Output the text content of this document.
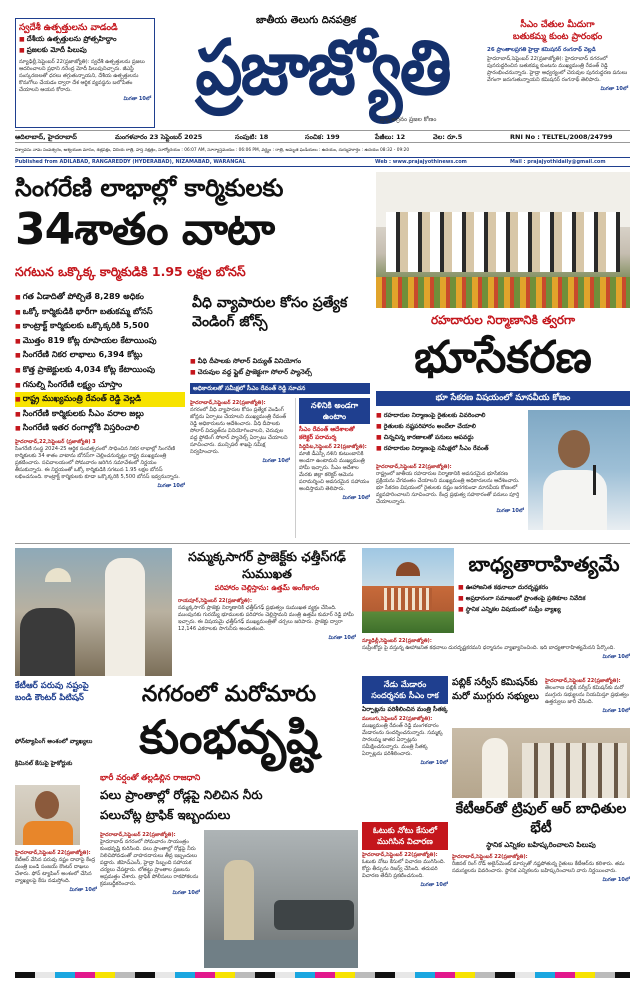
స్వదేశీ ఉత్పత్తులను వాడండి
■ దేశీయ ఉత్పత్తులను ప్రోత్సహిద్దాం
■ ప్రజలకు మోదీ పిలుపు
న్యూఢిల్లీ,సెప్టెంబర్ 22(ప్రజాజ్యోతి): స్వదేశీ ఉత్పత్తులను ప్రజలు ఆదరించాలని ప్రధాని నరేంద్ర మోదీ పిలుపునిచ్చారు. జీఎస్టీ సంస్కరణలతో ధరలు తగ్గుతున్నాయని, దేశీయ ఉత్పత్తులను కొనుగోలు చేయడం ద్వారా దేశ ఆర్థిక వ్యవస్థను బలోపేతం చేయాలని ఆయన కోరారు.
మిగతా 10లో
జాతీయ తెలుగు దినపత్రిక
ప్రజాజ్యోతి
ప్రశ్న అగ్రనం ప్రజల కోణం
సీఎం చేతుల మీదుగా
బతుకమ్మ కుంట ప్రారంభం
26 ప్రాంతాలప్రగతి హైడ్రా కమిషనర్ రంగనాథ్ వెల్లడి
హైదరాబాద్,సెప్టెంబర్ 22(ప్రజాజ్యోతి): హైదరాబాద్ నగరంలో పునరుద్ధరించిన బతుకమ్మ కుంటను ముఖ్యమంత్రి రేవంత్ రెడ్డి ప్రారంభించనున్నారు. హైడ్రా ఆధ్వర్యంలో చెరువుల పునరుద్ధరణ పనులు వేగంగా జరుగుతున్నాయని కమిషనర్ రంగనాథ్ తెలిపారు.
మిగతా 10లో
ఆదిలాబాద్, హైదరాబాద్	మంగళవారం 23 సెప్టెంబర్ 2025	సంపుటి: 18	సంచిక: 199	పేజీలు: 12	వెల: రూ.5	RNI No : TELTEL/2008/24799
విశ్వావసు నామ సంవత్సరం, ఆశ్వయుజ మాసం, శుక్లపక్షం, విదియ రాత్రి, హస్త నక్షత్రం, సూర్యోదయం : 06:07 AM, సూర్యాస్తమయం : 06:06 PM, వర్జ్యం : రాత్రి, అమృత ఘడియలు : ఉదయం, దుర్ముహూర్తం : ఉదయం 08:32 - 09:20
Published from ADILABAD, RANGAREDDY (HYDERABAD), NIZAMABAD, WARANGAL	Web : www.prajajyothinews.com	Mail : prajajyothidaily@gmail.com
సింగరేణి లాభాల్లో కార్మికులకు
34శాతం వాటా
సగటున ఒక్కొక్క కార్మికుడికి 1.95 లక్షల బోనస్
■ గత ఏడాదితో పోల్చితే 8,289 అధికం
■ ఒక్కో కార్మికుడికి భారీగా బతుకమ్మ బోనస్
■ కాంట్రాక్ట్ కార్మికులకు ఒక్కొక్కరికి 5,500
■ మొత్తం 819 కోట్ల రూపాయల కేటాయింపు
■ సింగరేణి నికర లాభాలు 6,394 కోట్లు
■ కొత్త ప్రాజెక్టులకు 4,034 కోట్ల కేటాయింపు
■ గనుల్ని సింగరేణి లక్ష్యం చూస్తాం
■ రాష్ట్ర ముఖ్యమంత్రి రేవంత్ రెడ్డి వెల్లడి
■ సింగరేణి కార్మికులకు సీఎం వరాల జల్లు
■ సింగరేణి ఇతర రంగాల్లోకి విస్తరించాలి
హైదరాబాద్,22,సెప్టెంబర్ (ప్రజాజ్యోతి) 3
సింగరేణి సంస్థ 2024-25 ఆర్థిక సంవత్సరంలో సాధించిన నికర లాభాల్లో సింగరేణి కార్మికులకు 34 శాతం వాటాను బోనస్‌గా చెల్లించనున్నట్లు రాష్ట్ర ముఖ్యమంత్రి ప్రకటించారు. సచివాలయంలో సోమవారం జరిగిన సమావేశంలో నిర్ణయం తీసుకున్నారు. ఈ నిర్ణయంతో ఒక్కో కార్మికుడికి సగటున 1.95 లక్షల బోనస్ లభించనుంది. కాంట్రాక్ట్ కార్మికులకు కూడా ఒక్కొక్కరికి 5,500 బోనస్ ఇవ్వనున్నారు.
మిగతా 10లో
వీధి వ్యాపారుల కోసం ప్రత్యేక వెండింగ్ జోన్స్
■ వీధి దీపాలకు సోలార్ విద్యుత్ వినియోగం
■ చెరువుల వద్ద ఫ్లైట్ ప్రాజెక్టుగా సోలార్ ప్యానెల్స్
అధికారులతో సమీక్షలో సీఎం రేవంత్ రెడ్డి సూచన
హైదరాబాద్,సెప్టెంబర్ 22(ప్రజాజ్యోతి):
నగరంలో వీధి వ్యాపారుల కోసం ప్రత్యేక వెండింగ్ జోన్లను ఏర్పాటు చేయాలని ముఖ్యమంత్రి రేవంత్ రెడ్డి అధికారులను ఆదేశించారు. వీధి దీపాలకు సోలార్ విద్యుత్‌ను వినియోగించాలని, చెరువుల వద్ద ఫ్లోటింగ్ సోలార్ ప్యానెల్స్ ఏర్పాటు చేయాలని సూచించారు. మున్సిపల్ శాఖపై సమీక్ష నిర్వహించారు.
మిగతా 10లో
నళినికి అండగా ఉంటాం
సీఎం రేవంత్ ఆదేశాలతో కలెక్టర్ పరామర్శ
సిద్దిపేట,సెప్టెంబర్ 22(ప్రజాజ్యోతి):
మాజీ డీఎస్పీ నళిని కుటుంబానికి అండగా ఉంటామని ముఖ్యమంత్రి హామీ ఇచ్చారు. సీఎం ఆదేశాల మేరకు జిల్లా కలెక్టర్ ఆమెను పరామర్శించి అవసరమైన సహాయం అందిస్తామని తెలిపారు.
మిగతా 10లో
రహదారుల నిర్మాణానికి త్వరగా
భూసేకరణ
భూ సేకరణ విషయంలో మానవీయ కోణం
■ రహదారుల నిర్మాణంపై రైతులకు వివరించాలి
■ రైతులకు నష్టపరిహారం అందేలా చేయాలి
■ చిన్నచిన్న కారణాలతో పనులు ఆపవద్దు
■ రహదారుల నిర్మాణంపై సమీక్షలో సీఎం రేవంత్
హైదరాబాద్,సెప్టెంబర్ 22(ప్రజాజ్యోతి):
రాష్ట్రంలో జాతీయ రహదారుల నిర్మాణానికి అవసరమైన భూసేకరణ ప్రక్రియను వేగవంతం చేయాలని ముఖ్యమంత్రి అధికారులను ఆదేశించారు. భూ సేకరణ విషయంలో రైతులకు నష్టం జరగకుండా మానవీయ కోణంలో వ్యవహరించాలని సూచించారు. కేంద్ర ప్రభుత్వ సహకారంతో పనులు పూర్తి చేయాలన్నారు.
మిగతా 10లో
సమ్మక్కసాగర్ ప్రాజెక్ట్‌కు ఛత్తీస్‌గఢ్ సుముఖత
పరిహారం చెల్లిస్తాను: ఉత్తమ్ అంగీకారం
రాయపూర్,సెప్టెంబర్ 22(ప్రజాజ్యోతి):
సమ్మక్కసాగర్ ప్రాజెక్టు నిర్మాణానికి ఛత్తీస్‌గఢ్ ప్రభుత్వం సుముఖత వ్యక్తం చేసింది. ముంపునకు గురయ్యే భూములకు పరిహారం చెల్లిస్తామని మంత్రి ఉత్తమ్ కుమార్ రెడ్డి హామీ ఇచ్చారు. ఈ విషయమై ఛత్తీస్‌గఢ్ ముఖ్యమంత్రితో చర్చలు జరిపారు. ప్రాజెక్టు ద్వారా 12,146 ఎకరాలకు సాగునీరు అందుతుంది.
మిగతా 10లో
బాధ్యతారాహిత్యమే
■ ఊహాజనిత కథనాలూ దురదృష్టకరం
■ అప్రధానంగా సమాజంలో ప్రాంతంపై ప్రతికూల నివేదిక
■ స్థానిక ఎన్నికల విషయంలో సుప్రీం వ్యాఖ్య
న్యూఢిల్లీ,సెప్టెంబర్ 22(ప్రజాజ్యోతి):
సుప్రీంకోర్టు పై వస్తున్న ఊహాజనిత కథనాలు దురదృష్టకరమని ధర్మాసనం వ్యాఖ్యానించింది. ఇది బాధ్యతారాహిత్యమేనని పేర్కొంది.
మిగతా 10లో
కేటీఆర్ పరువు నష్టంపై బండి కౌంటర్ పిటిషన్
ఫోన్‌ట్యాపింగ్ అంశంలో వ్యాఖ్యలు
క్రిమినల్ కేసుపై హైకోర్టుకు
హైదరాబాద్,సెప్టెంబర్ 22(ప్రజాజ్యోతి):
కేటీఆర్ వేసిన పరువు నష్టం దావాపై కేంద్ర మంత్రి బండి సంజయ్ కౌంటర్ దాఖలు చేశారు. ఫోన్ ట్యాపింగ్ అంశంలో చేసిన వ్యాఖ్యలపై కేసు నడుస్తోంది.
మిగతా 10లో
నగరంలో మరోమారు
కుంభవృష్టి
భారీ వర్షంతో తల్లడిల్లిన రాజధాని
పలు ప్రాంతాల్లో రోడ్లపై నిలిచిన నీరు
పలుచోట్ల ట్రాఫిక్ ఇబ్బందులు
హైదరాబాద్,సెప్టెంబర్ 22(ప్రజాజ్యోతి):
హైదరాబాద్ నగరంలో సోమవారం సాయంత్రం కుంభవృష్టి కురిసింది. పలు ప్రాంతాల్లో రోడ్లపై నీరు నిలిచిపోవడంతో వాహనదారులు తీవ్ర ఇబ్బందులు పడ్డారు. జీహెచ్ఎంసీ, హైడ్రా సిబ్బంది సహాయక చర్యలు చేపట్టారు. లోతట్టు ప్రాంతాల ప్రజలను అప్రమత్తం చేశారు. ట్రాఫిక్ పోలీసులు రాకపోకలను క్రమబద్ధీకరించారు.
మిగతా 10లో
నేడు మేడారం సందర్శనకు సీఎం రాక
ఏర్పాట్లను పరిశీలించిన మంత్రి సీతక్క
ములుగు,సెప్టెంబర్ 22(ప్రజాజ్యోతి):
ముఖ్యమంత్రి రేవంత్ రెడ్డి మంగళవారం మేడారంను సందర్శించనున్నారు. సమ్మక్క సారలమ్మ జాతర ఏర్పాట్లను సమీక్షించనున్నారు. మంత్రి సీతక్క ఏర్పాట్లను పరిశీలించారు.
మిగతా 10లో
ఓటుకు నోటు కేసులో ముగిసిన విచారణ
హైదరాబాద్,సెప్టెంబర్ 22(ప్రజాజ్యోతి):
ఓటుకు నోటు కేసులో విచారణ ముగిసింది. కోర్టు తీర్పును రిజర్వ్ చేసింది. తదుపరి విచారణ తేదీని ప్రకటించనుంది.
మిగతా 10లో
పబ్లిక్ సర్వీస్ కమిషన్‌కు మరో ముగ్గురు సభ్యులు
హైదరాబాద్,సెప్టెంబర్ 22(ప్రజాజ్యోతి):
తెలంగాణ పబ్లిక్ సర్వీస్ కమిషన్‌కు మరో ముగ్గురు సభ్యులను నియమిస్తూ ప్రభుత్వం ఉత్తర్వులు జారీ చేసింది.
మిగతా 10లో
కేటీఆర్‌తో ట్రిపుల్ ఆర్ బాధితుల భేటీ
స్థానిక ఎన్నికల బహిష్కరించాలని పిలుపు
హైదరాబాద్,సెప్టెంబర్ 22(ప్రజాజ్యోతి):
రీజినల్ రింగ్ రోడ్ అలైన్‌మెంట్ మార్పుతో నష్టపోతున్న రైతులు కేటీఆర్‌ను కలిశారు. తమ సమస్యలను వివరించారు. స్థానిక ఎన్నికలను బహిష్కరించాలని వారు నిర్ణయించారు.
మిగతా 10లో
